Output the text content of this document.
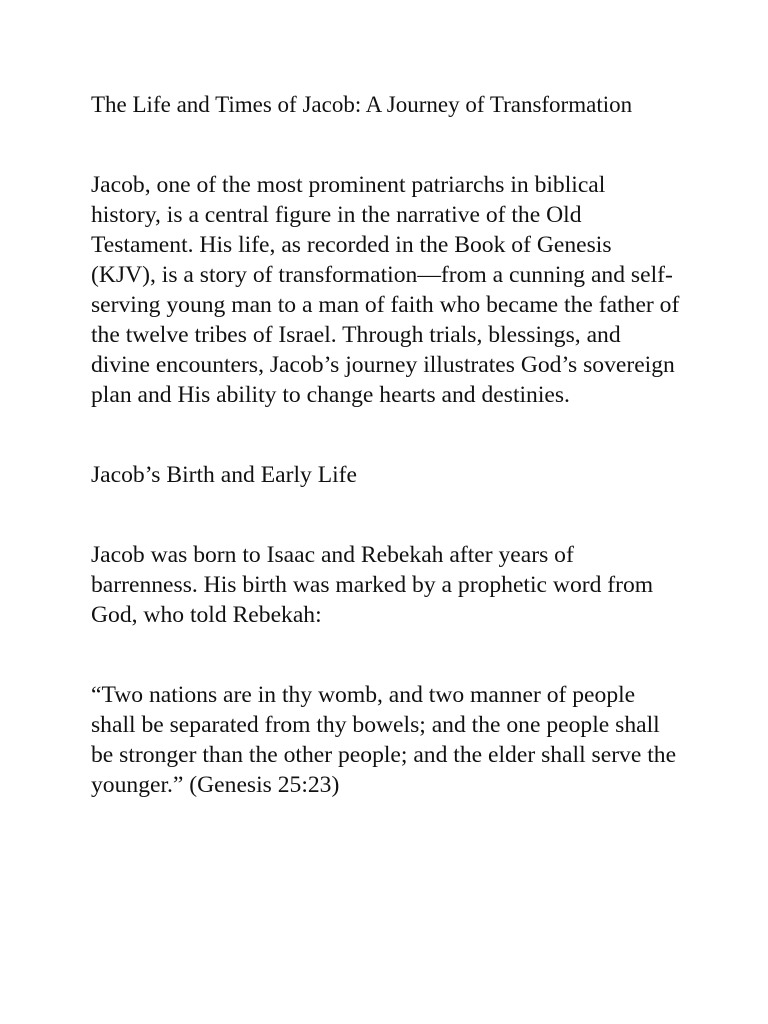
The Life and Times of Jacob: A Journey of Transformation

Jacob, one of the most prominent patriarchs in biblical history, is a central figure in the narrative of the Old Testament. His life, as recorded in the Book of Genesis (KJV), is a story of transformation—from a cunning and self-serving young man to a man of faith who became the father of the twelve tribes of Israel. Through trials, blessings, and divine encounters, Jacob’s journey illustrates God’s sovereign plan and His ability to change hearts and destinies.

Jacob’s Birth and Early Life

Jacob was born to Isaac and Rebekah after years of barrenness. His birth was marked by a prophetic word from God, who told Rebekah:

“Two nations are in thy womb, and two manner of people shall be separated from thy bowels; and the one people shall be stronger than the other people; and the elder shall serve the younger.” (Genesis 25:23)
